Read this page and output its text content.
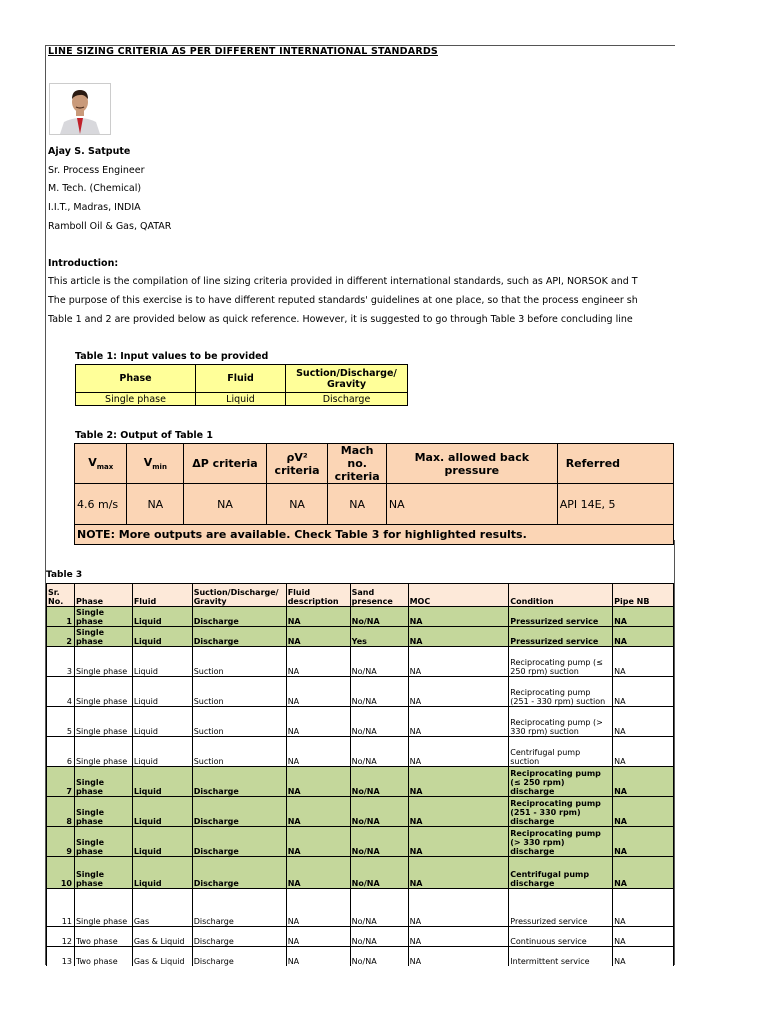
LINE SIZING CRITERIA AS PER DIFFERENT INTERNATIONAL STANDARDS
Ajay S. Satpute
Sr. Process Engineer
M. Tech. (Chemical)
I.I.T., Madras, INDIA
Ramboll Oil & Gas, QATAR
Introduction:
This article is the compilation of line sizing criteria provided in different international standards, such as API, NORSOK and T
The purpose of this exercise is to have different reputed standards' guidelines at one place, so that the process engineer sh
Table 1 and 2 are provided below as quick reference. However, it is suggested to go through Table 3 before concluding line
Table 1: Input values to be provided
Phase	Fluid	Suction/Discharge/ Gravity
Single phase	Liquid	Discharge
Table 2: Output of Table 1
$V_{max}$	$V_{min}$	ΔP criteria	ρV² criteria	Mach no. criteria	Max. allowed back pressure	Referred
4.6 m/s	NA	NA	NA	NA	NA	API 14E, 5
NOTE: More outputs are available. Check Table 3 for highlighted results.						
Table 3
Sr. No.	Phase	Fluid	Suction/Discharge/ Gravity	Fluid description	Sand presence	MOC	Condition	Pipe NB
1	Single phase	Liquid	Discharge	NA	No/NA	NA	Pressurized service	NA
2	Single phase	Liquid	Discharge	NA	Yes	NA	Pressurized service	NA
3	Single phase	Liquid	Suction	NA	No/NA	NA	Reciprocating pump (≤ 250 rpm) suction	NA
4	Single phase	Liquid	Suction	NA	No/NA	NA	Reciprocating pump (251 - 330 rpm) suction	NA
5	Single phase	Liquid	Suction	NA	No/NA	NA	Reciprocating pump (> 330 rpm) suction	NA
6	Single phase	Liquid	Suction	NA	No/NA	NA	Centrifugal pump suction	NA
7	Single phase	Liquid	Discharge	NA	No/NA	NA	Reciprocating pump (≤ 250 rpm) discharge	NA
8	Single phase	Liquid	Discharge	NA	No/NA	NA	Reciprocating pump (251 - 330 rpm) discharge	NA
9	Single phase	Liquid	Discharge	NA	No/NA	NA	Reciprocating pump (> 330 rpm) discharge	NA
10	Single phase	Liquid	Discharge	NA	No/NA	NA	Centrifugal pump discharge	NA
11	Single phase	Gas	Discharge	NA	No/NA	NA	Pressurized service	NA
12	Two phase	Gas & Liquid	Discharge	NA	No/NA	NA	Continuous service	NA
13	Two phase	Gas & Liquid	Discharge	NA	No/NA	NA	Intermittent service	NA
